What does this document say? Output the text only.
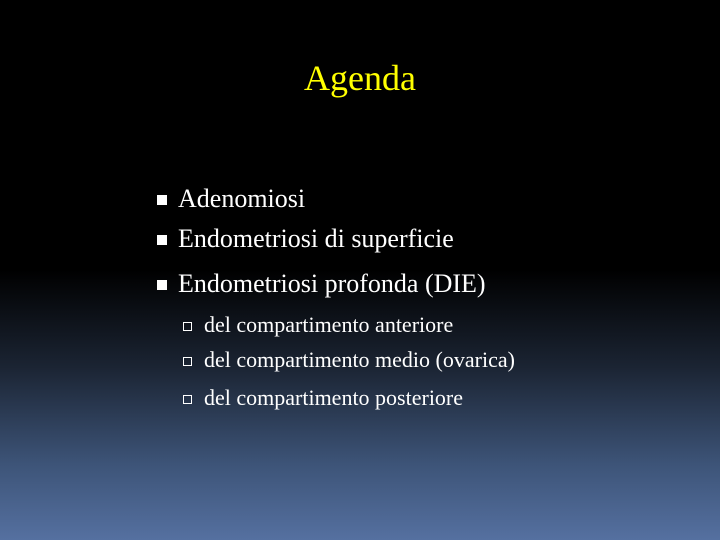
Agenda
Adenomiosi
Endometriosi di superficie
Endometriosi profonda (DIE)
del compartimento anteriore
del compartimento medio (ovarica)
del compartimento posteriore
